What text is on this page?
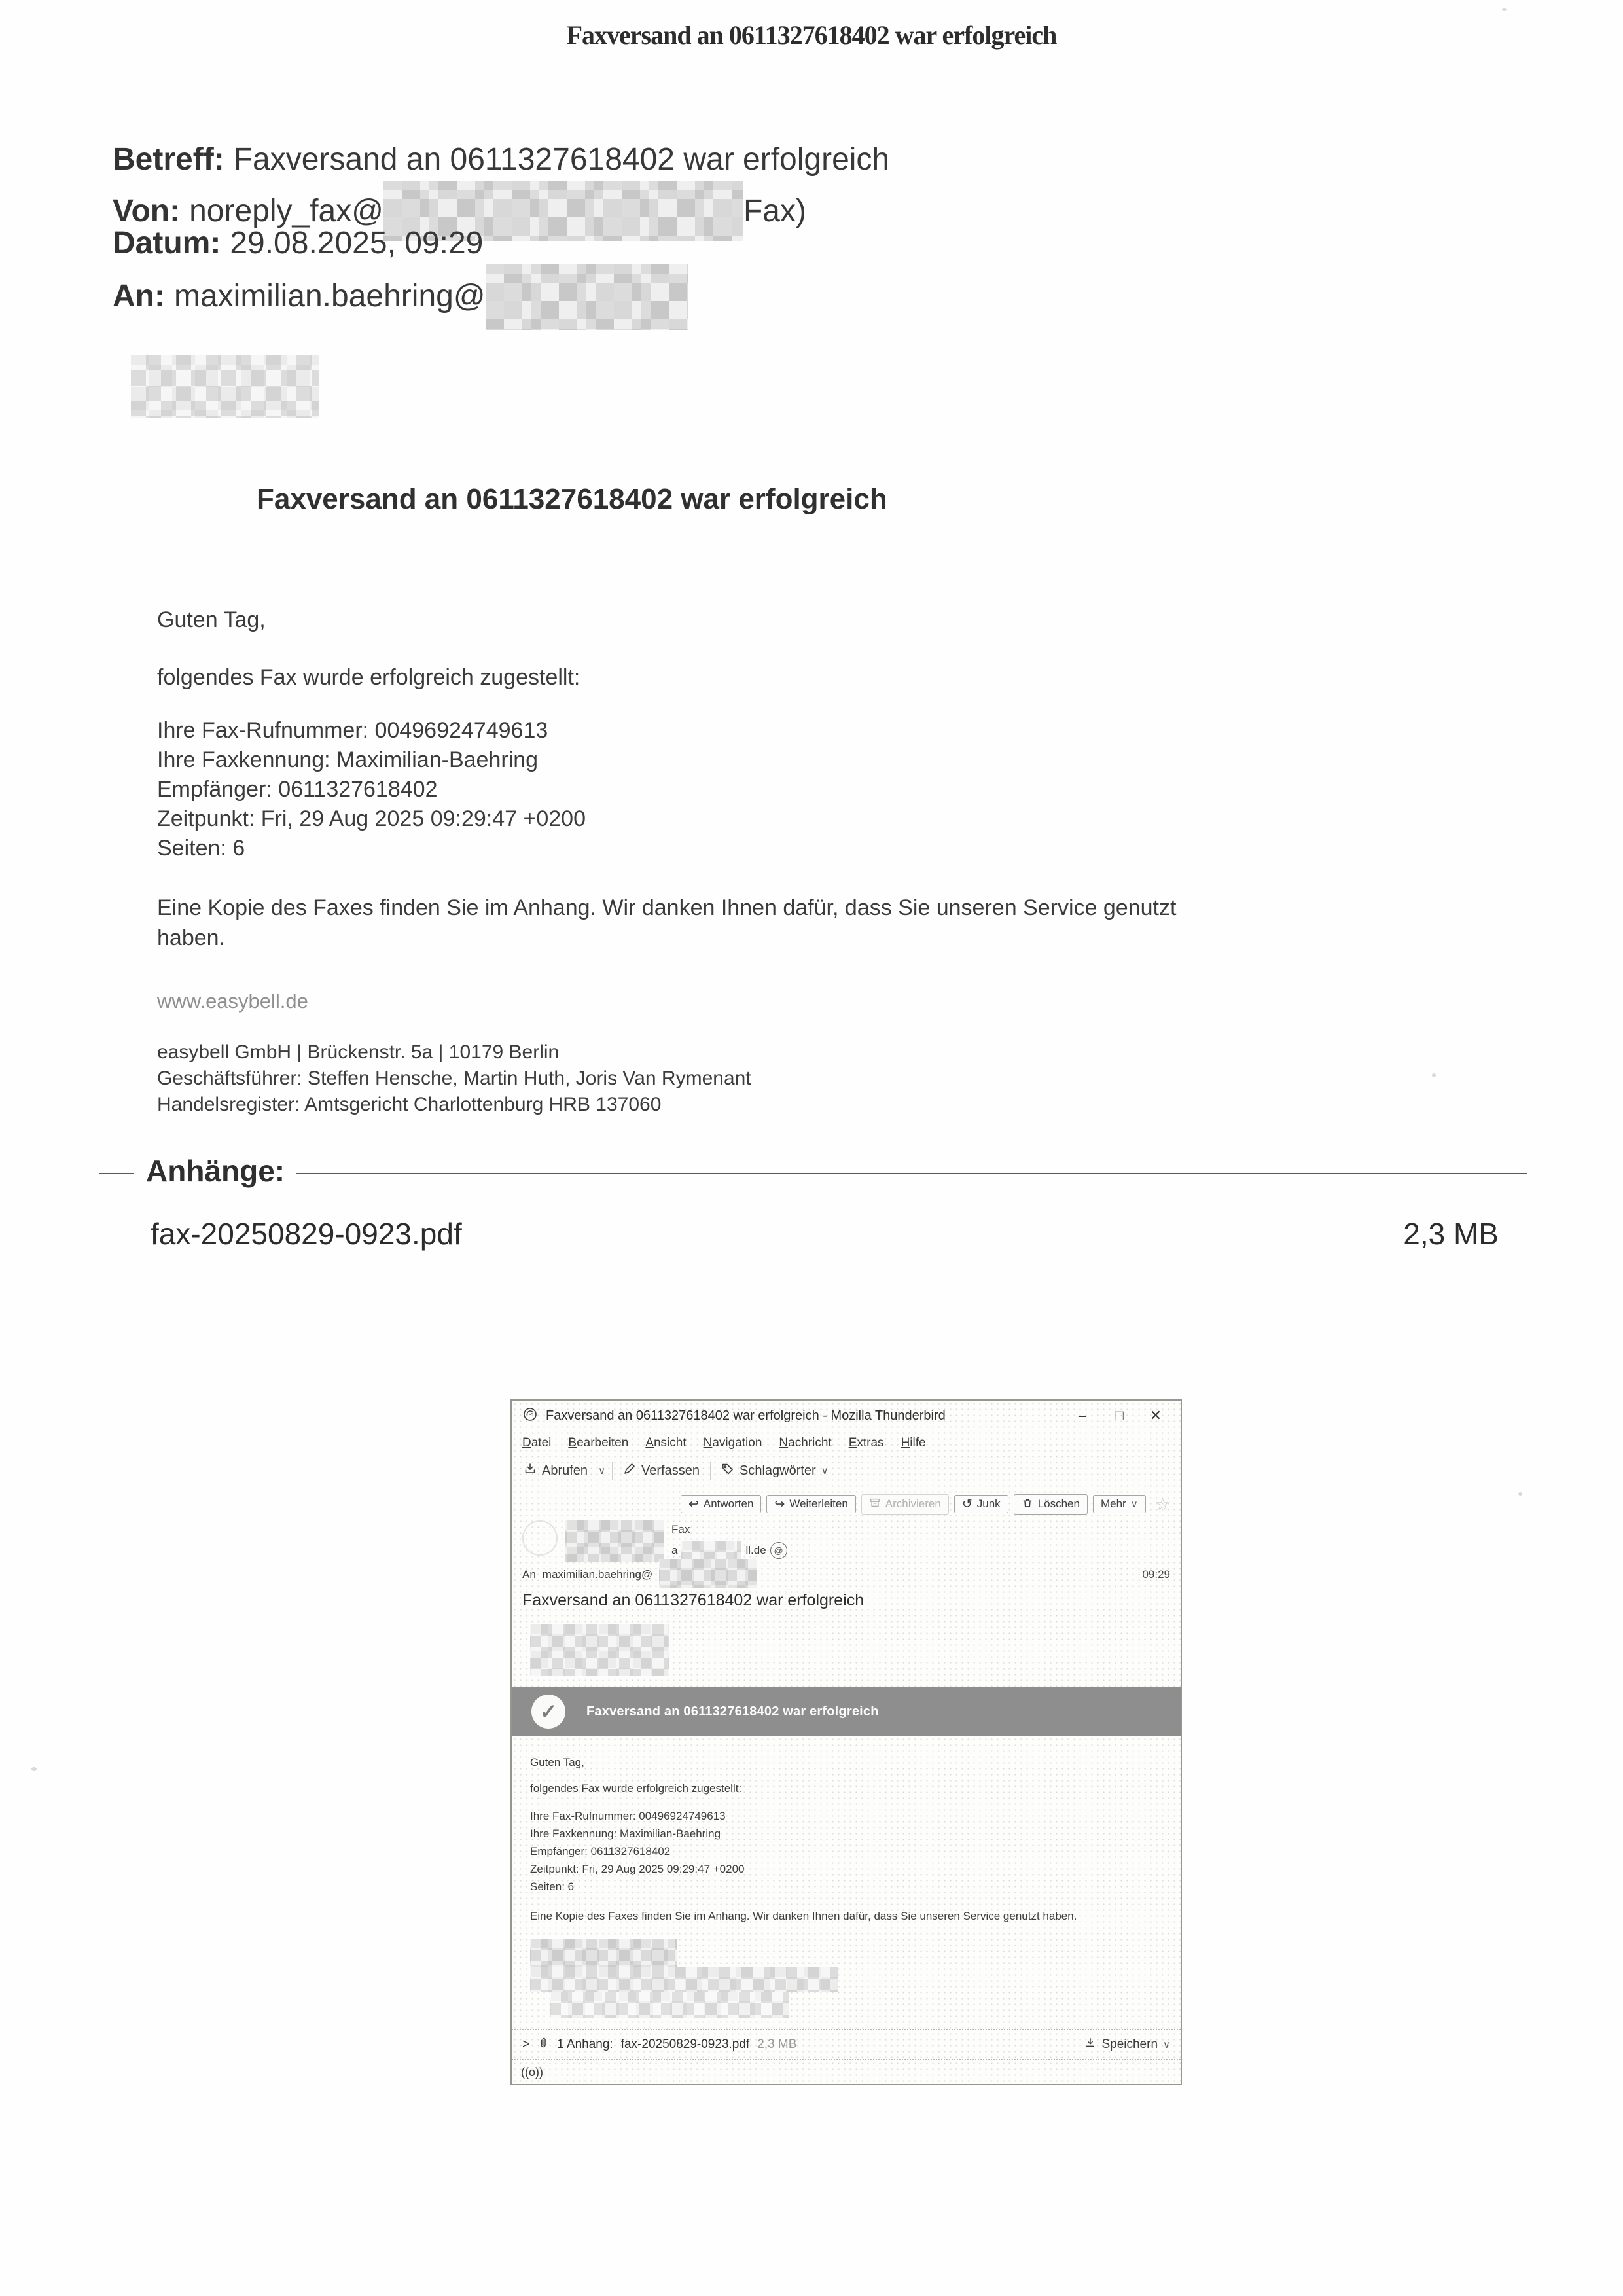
Faxversand an 0611327618402 war erfolgreich
Betreff: Faxversand an 0611327618402 war erfolgreich
Von: noreply_fax@	Fax)
Datum: 29.08.2025, 09:29
An: maximilian.baehring@
Faxversand an 0611327618402 war erfolgreich
Guten Tag,
folgendes Fax wurde erfolgreich zugestellt:
Ihre Fax-Rufnummer: 00496924749613
Ihre Faxkennung: Maximilian-Baehring
Empfänger: 0611327618402
Zeitpunkt: Fri, 29 Aug 2025 09:29:47 +0200
Seiten: 6
Eine Kopie des Faxes finden Sie im Anhang. Wir danken Ihnen dafür, dass Sie unseren Service genutzt haben.
www.easybell.de
easybell GmbH | Brückenstr. 5a | 10179 Berlin
Geschäftsführer: Steffen Hensche, Martin Huth, Joris Van Rymenant
Handelsregister: Amtsgericht Charlottenburg HRB 137060
Anhänge:
fax-20250829-0923.pdf	2,3 MB
Faxversand an 0611327618402 war erfolgreich - Mozilla Thunderbird	–	□	✕
Datei Bearbeiten Ansicht Navigation Nachricht Extras Hilfe
Abrufen ∨	Verfassen	Schlagwörter ∨
↩ Antworten ↪ Weiterleiten	Archivieren ↺ Junk	Löschen Mehr ∨ ☆
Fax
a	ll.de @
An maximilian.baehring@	09:29
Faxversand an 0611327618402 war erfolgreich
✓ Faxversand an 0611327618402 war erfolgreich
Guten Tag,
folgendes Fax wurde erfolgreich zugestellt:
Ihre Fax-Rufnummer: 00496924749613
Ihre Faxkennung: Maximilian-Baehring
Empfänger: 0611327618402
Zeitpunkt: Fri, 29 Aug 2025 09:29:47 +0200
Seiten: 6
Eine Kopie des Faxes finden Sie im Anhang. Wir danken Ihnen dafür, dass Sie unseren Service genutzt haben.
> 1 Anhang: fax-20250829-0923.pdf 2,3 MB	Speichern ∨
((o))
